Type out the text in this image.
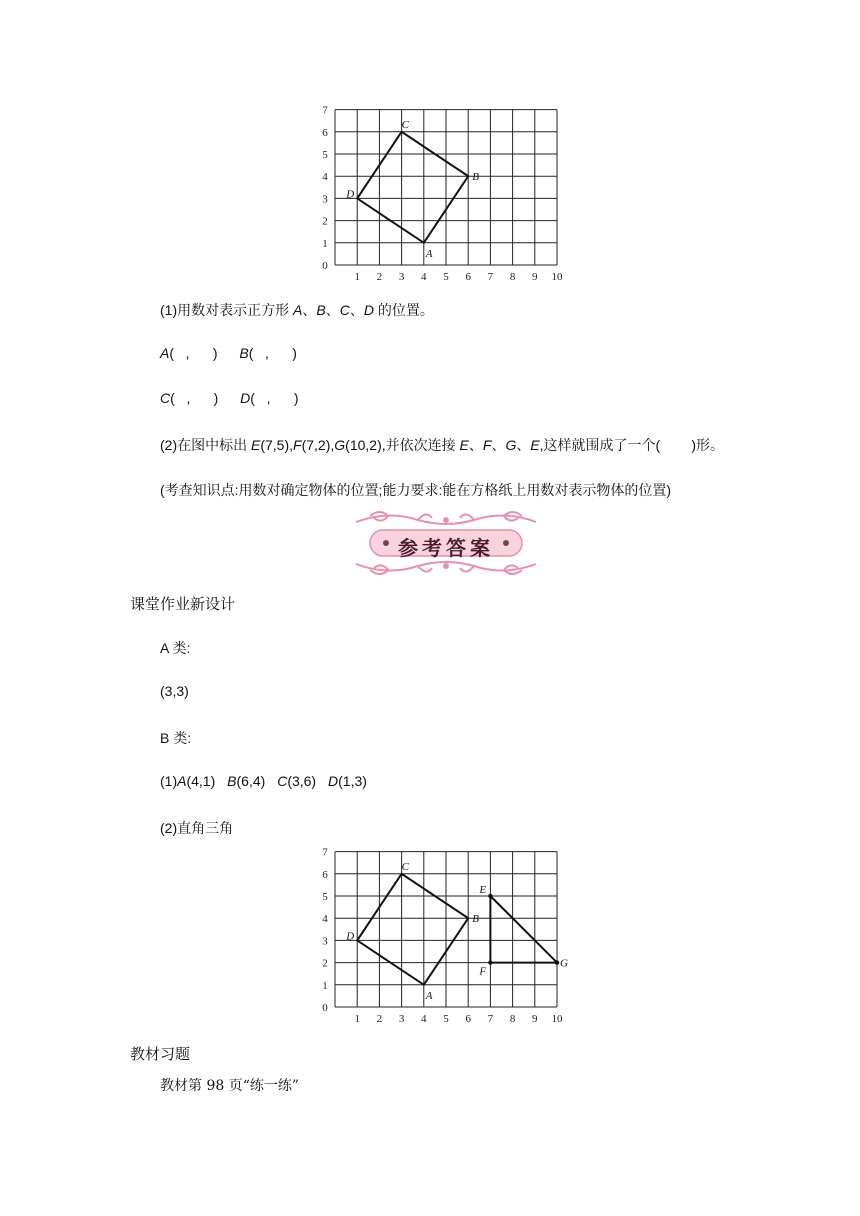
0
1 2 3 4 5 6 7 8 9 10
1
2
3
4
5
6
7
A
B
C
D
(1)用数对表示正方形 A、B、C、D 的位置。
A(   ,      ) B(   ,      )
C(   ,      ) D(   ,      )
(2)在图中标出 E(7,5),F(7,2),G(10,2),并依次连接 E、F、G、E,这样就围成了一个(        )形。
(考查知识点:用数对确定物体的位置;能力要求:能在方格纸上用数对表示物体的位置)
参考答案
课堂作业新设计
A 类:
(3,3)
B 类:
(1)A(4,1) B(6,4) C(3,6) D(1,3)
(2)直角三角
0
1 2 3 4 5 6 7 8 9 10
1
2
3
4
5
6
7
A
B
C
D
E
F
G
教材习题
教材第 98 页“练一练”
